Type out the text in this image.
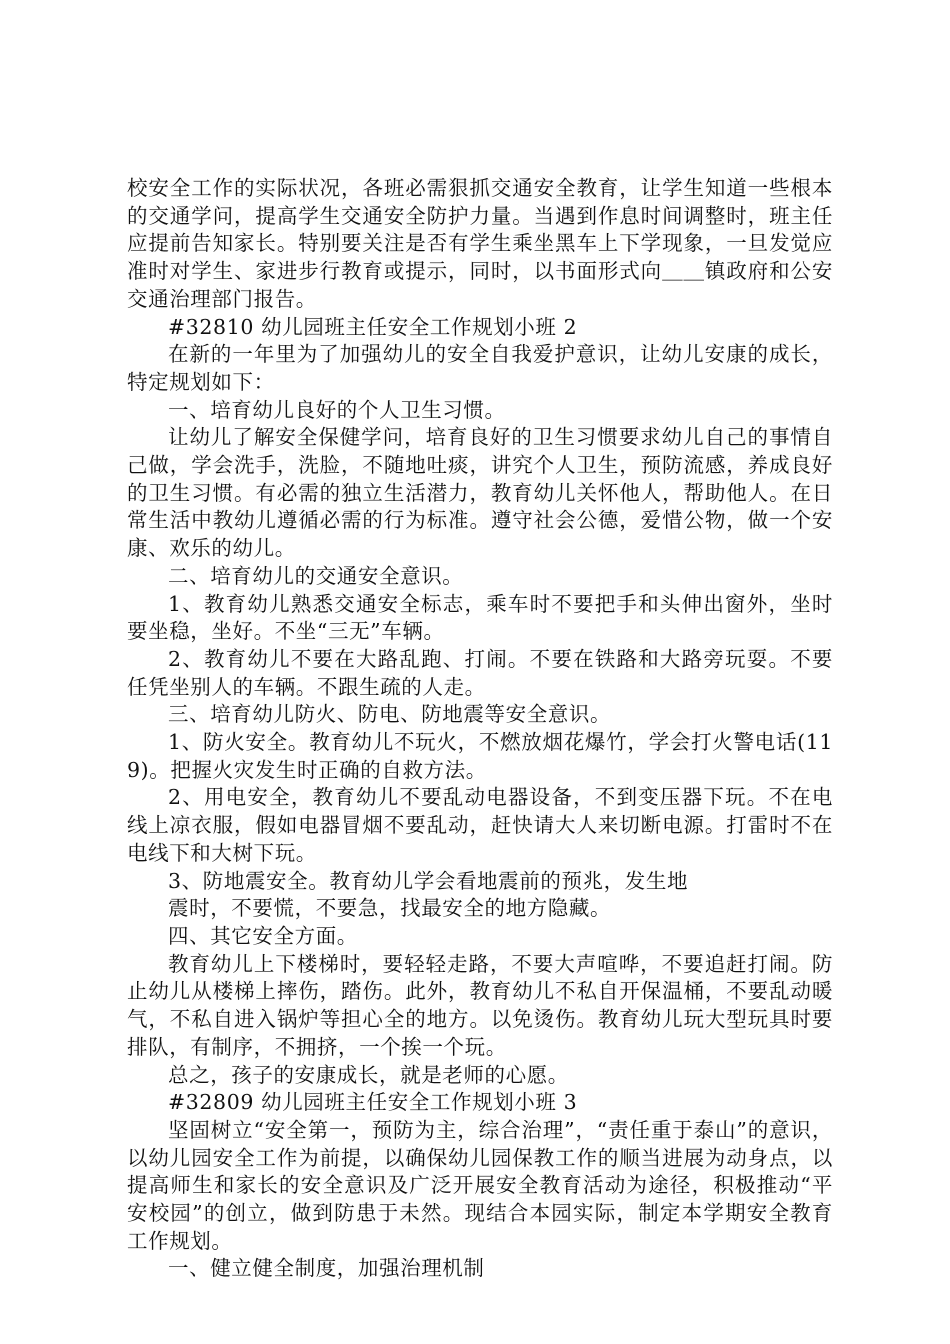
校安全工作的实际状况，各班必需狠抓交通安全教育，让学生知道一些根本的交通学问，提高学生交通安全防护力量。当遇到作息时间调整时，班主任应提前告知家长。特别要关注是否有学生乘坐黑车上下学现象，一旦发觉应准时对学生、家进步行教育或提示，同时，以书面形式向＿＿镇政府和公安交通治理部门报告。

#32810 幼儿园班主任安全工作规划小班 2

在新的一年里为了加强幼儿的安全自我爱护意识，让幼儿安康的成长，特定规划如下：

一、培育幼儿良好的个人卫生习惯。

让幼儿了解安全保健学问，培育良好的卫生习惯要求幼儿自己的事情自己做，学会洗手，洗脸，不随地吐痰，讲究个人卫生，预防流感，养成良好的卫生习惯。有必需的独立生活潜力，教育幼儿关怀他人，帮助他人。在日常生活中教幼儿遵循必需的行为标准。遵守社会公德，爱惜公物，做一个安康、欢乐的幼儿。

二、培育幼儿的交通安全意识。

1、教育幼儿熟悉交通安全标志，乘车时不要把手和头伸出窗外，坐时要坐稳，坐好。不坐“三无”车辆。

2、教育幼儿不要在大路乱跑、打闹。不要在铁路和大路旁玩耍。不要任凭坐别人的车辆。不跟生疏的人走。

三、培育幼儿防火、防电、防地震等安全意识。

1、防火安全。教育幼儿不玩火，不燃放烟花爆竹，学会打火警电话(119)。把握火灾发生时正确的自救方法。

2、用电安全，教育幼儿不要乱动电器设备，不到变压器下玩。不在电线上凉衣服，假如电器冒烟不要乱动，赶快请大人来切断电源。打雷时不在电线下和大树下玩。

3、防地震安全。教育幼儿学会看地震前的预兆，发生地

震时，不要慌，不要急，找最安全的地方隐藏。

四、其它安全方面。

教育幼儿上下楼梯时，要轻轻走路，不要大声喧哗，不要追赶打闹。防止幼儿从楼梯上摔伤，踏伤。此外，教育幼儿不私自开保温桶，不要乱动暖气，不私自进入锅炉等担心全的地方。以免烫伤。教育幼儿玩大型玩具时要排队，有制序，不拥挤，一个挨一个玩。

总之，孩子的安康成长，就是老师的心愿。

#32809 幼儿园班主任安全工作规划小班 3

坚固树立“安全第一，预防为主，综合治理”，“责任重于泰山”的意识，以幼儿园安全工作为前提，以确保幼儿园保教工作的顺当进展为动身点，以提高师生和家长的安全意识及广泛开展安全教育活动为途径，积极推动“平安校园”的创立，做到防患于未然。现结合本园实际，制定本学期安全教育工作规划。

一、健立健全制度，加强治理机制
